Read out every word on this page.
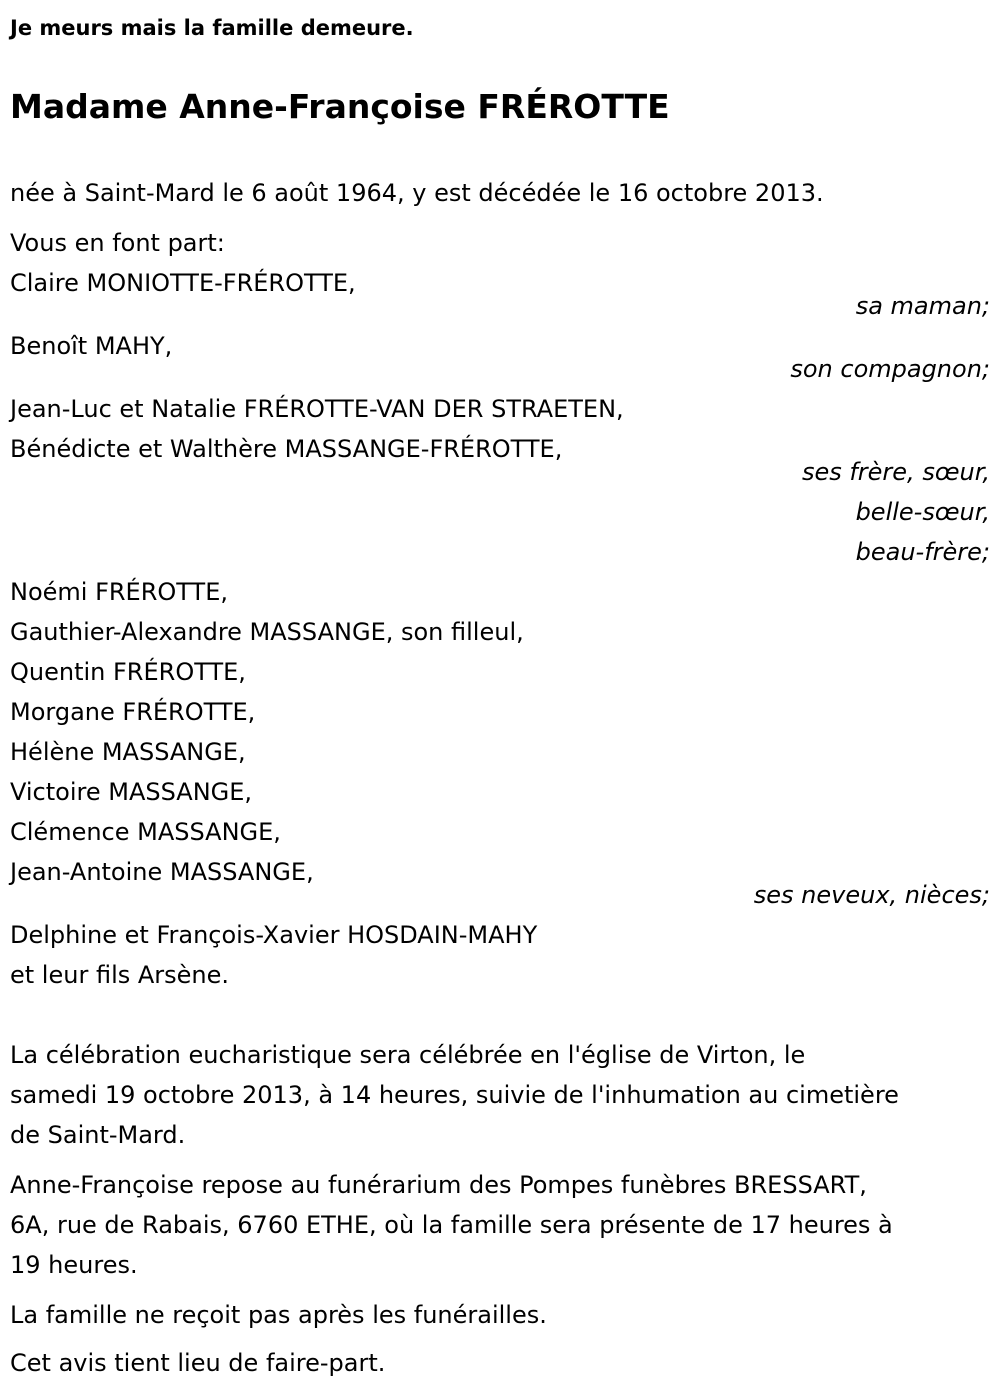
Je meurs mais la famille demeure.
Madame Anne-Françoise FRÉROTTE
née à Saint-Mard le 6 août 1964, y est décédée le 16 octobre 2013.
Vous en font part:
Claire MONIOTTE-FRÉROTTE,
sa maman;
Benoît MAHY,
son compagnon;
Jean-Luc et Natalie FRÉROTTE-VAN DER STRAETEN,
Bénédicte et Walthère MASSANGE-FRÉROTTE,
ses frère, sœur,
belle-sœur,
beau-frère;
Noémi FRÉROTTE,
Gauthier-Alexandre MASSANGE, son filleul,
Quentin FRÉROTTE,
Morgane FRÉROTTE,
Hélène MASSANGE,
Victoire MASSANGE,
Clémence MASSANGE,
Jean-Antoine MASSANGE,
ses neveux, nièces;
Delphine et François-Xavier HOSDAIN-MAHY
et leur fils Arsène.
La célébration eucharistique sera célébrée en l'église de Virton, le
samedi 19 octobre 2013, à 14 heures, suivie de l'inhumation au cimetière
de Saint-Mard.
Anne-Françoise repose au funérarium des Pompes funèbres BRESSART,
6A, rue de Rabais, 6760 ETHE, où la famille sera présente de 17 heures à
19 heures.
La famille ne reçoit pas après les funérailles.
Cet avis tient lieu de faire-part.
